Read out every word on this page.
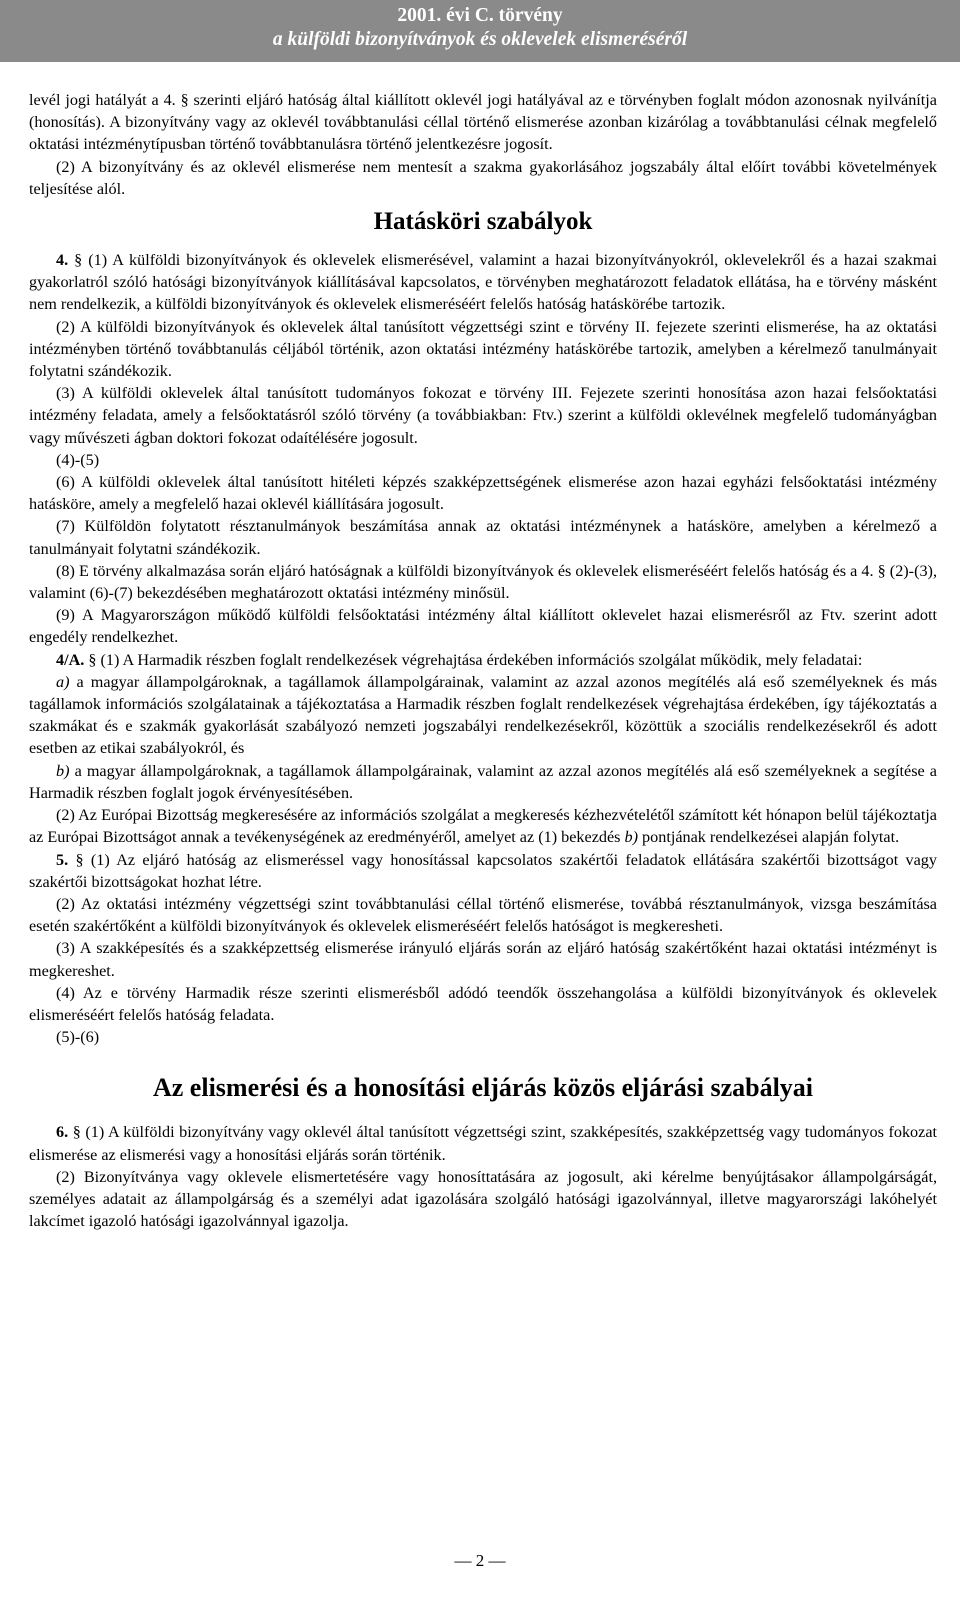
2001. évi C. törvény
a külföldi bizonyítványok és oklevelek elismeréséről

levél jogi hatályát a 4. § szerinti eljáró hatóság által kiállított oklevél jogi hatályával az e törvényben foglalt módon azonosnak nyilvánítja (honosítás). A bizonyítvány vagy az oklevél továbbtanulási céllal történő elismerése azonban kizárólag a továbbtanulási célnak megfelelő oktatási intézménytípusban történő továbbtanulásra történő jelentkezésre jogosít.

(2) A bizonyítvány és az oklevél elismerése nem mentesít a szakma gyakorlásához jogszabály által előírt további követelmények teljesítése alól.

Hatásköri szabályok

4. § (1) A külföldi bizonyítványok és oklevelek elismerésével, valamint a hazai bizonyítványokról, oklevelekről és a hazai szakmai gyakorlatról szóló hatósági bizonyítványok kiállításával kapcsolatos, e törvényben meghatározott feladatok ellátása, ha e törvény másként nem rendelkezik, a külföldi bizonyítványok és oklevelek elismeréséért felelős hatóság hatáskörébe tartozik.

(2) A külföldi bizonyítványok és oklevelek által tanúsított végzettségi szint e törvény II. fejezete szerinti elismerése, ha az oktatási intézményben történő továbbtanulás céljából történik, azon oktatási intézmény hatáskörébe tartozik, amelyben a kérelmező tanulmányait folytatni szándékozik.

(3) A külföldi oklevelek által tanúsított tudományos fokozat e törvény III. Fejezete szerinti honosítása azon hazai felsőoktatási intézmény feladata, amely a felsőoktatásról szóló törvény (a továbbiakban: Ftv.) szerint a külföldi oklevélnek megfelelő tudományágban vagy művészeti ágban doktori fokozat odaítélésére jogosult.

(4)-(5)

(6) A külföldi oklevelek által tanúsított hitéleti képzés szakképzettségének elismerése azon hazai egyházi felsőoktatási intézmény hatásköre, amely a megfelelő hazai oklevél kiállítására jogosult.

(7) Külföldön folytatott résztanulmányok beszámítása annak az oktatási intézménynek a hatásköre, amelyben a kérelmező a tanulmányait folytatni szándékozik.

(8) E törvény alkalmazása során eljáró hatóságnak a külföldi bizonyítványok és oklevelek elismeréséért felelős hatóság és a 4. § (2)-(3), valamint (6)-(7) bekezdésében meghatározott oktatási intézmény minősül.

(9) A Magyarországon működő külföldi felsőoktatási intézmény által kiállított oklevelet hazai elismerésről az Ftv. szerint adott engedély rendelkezhet.

4/A. § (1) A Harmadik részben foglalt rendelkezések végrehajtása érdekében információs szolgálat működik, mely feladatai:

a) a magyar állampolgároknak, a tagállamok állampolgárainak, valamint az azzal azonos megítélés alá eső személyeknek és más tagállamok információs szolgálatainak a tájékoztatása a Harmadik részben foglalt rendelkezések végrehajtása érdekében, így tájékoztatás a szakmákat és e szakmák gyakorlását szabályozó nemzeti jogszabályi rendelkezésekről, közöttük a szociális rendelkezésekről és adott esetben az etikai szabályokról, és

b) a magyar állampolgároknak, a tagállamok állampolgárainak, valamint az azzal azonos megítélés alá eső személyeknek a segítése a Harmadik részben foglalt jogok érvényesítésében.

(2) Az Európai Bizottság megkeresésére az információs szolgálat a megkeresés kézhezvételétől számított két hónapon belül tájékoztatja az Európai Bizottságot annak a tevékenységének az eredményéről, amelyet az (1) bekezdés b) pontjának rendelkezései alapján folytat.

5. § (1) Az eljáró hatóság az elismeréssel vagy honosítással kapcsolatos szakértői feladatok ellátására szakértői bizottságot vagy szakértői bizottságokat hozhat létre.

(2) Az oktatási intézmény végzettségi szint továbbtanulási céllal történő elismerése, továbbá résztanulmányok, vizsga beszámítása esetén szakértőként a külföldi bizonyítványok és oklevelek elismeréséért felelős hatóságot is megkeresheti.

(3) A szakképesítés és a szakképzettség elismerése irányuló eljárás során az eljáró hatóság szakértőként hazai oktatási intézményt is megkereshet.

(4) Az e törvény Harmadik része szerinti elismerésből adódó teendők összehangolása a külföldi bizonyítványok és oklevelek elismeréséért felelős hatóság feladata.

(5)-(6)

Az elismerési és a honosítási eljárás közös eljárási szabályai

6. § (1) A külföldi bizonyítvány vagy oklevél által tanúsított végzettségi szint, szakképesítés, szakképzettség vagy tudományos fokozat elismerése az elismerési vagy a honosítási eljárás során történik.

(2) Bizonyítványa vagy oklevele elismertetésére vagy honosíttatására az jogosult, aki kérelme benyújtásakor állampolgárságát, személyes adatait az állampolgárság és a személyi adat igazolására szolgáló hatósági igazolvánnyal, illetve magyarországi lakóhelyét lakcímet igazoló hatósági igazolvánnyal igazolja.

— 2 —
